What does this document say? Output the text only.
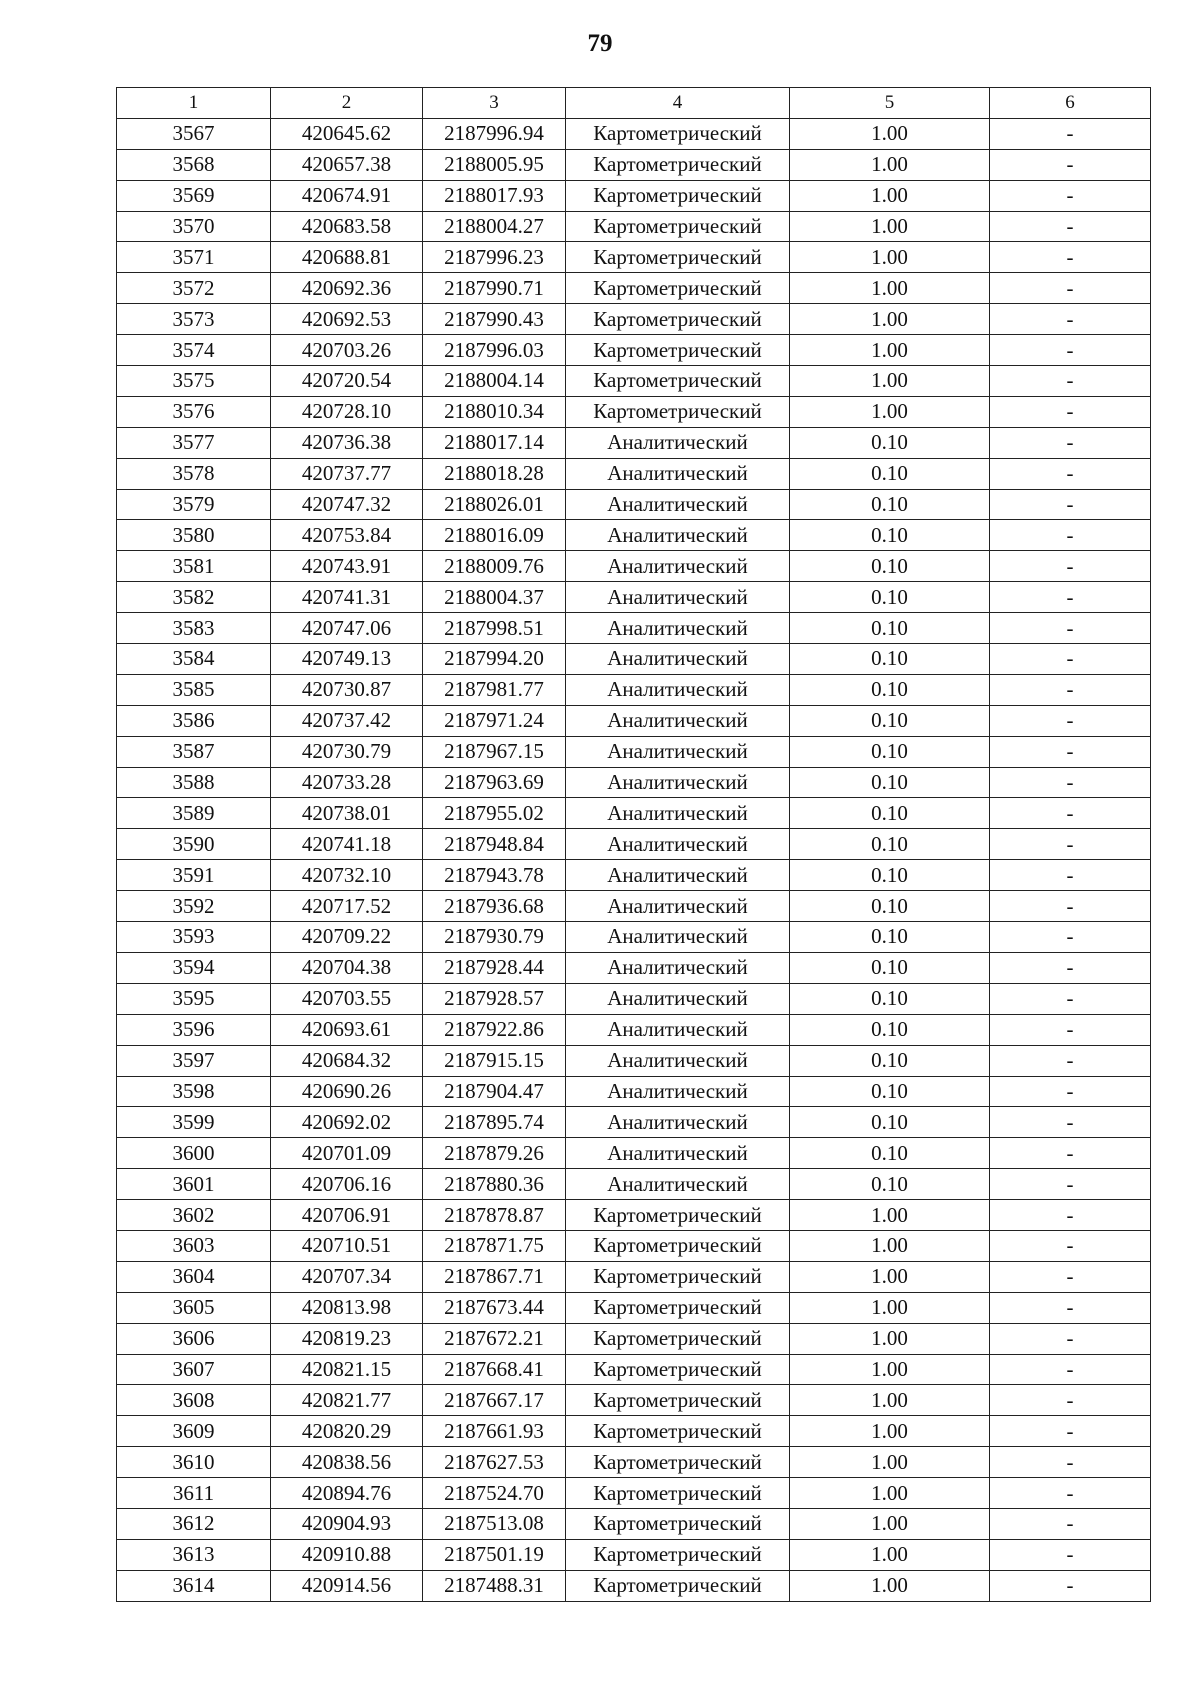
79
1	2	3	4	5	6
3567	420645.62	2187996.94	Картометрический	1.00	-
3568	420657.38	2188005.95	Картометрический	1.00	-
3569	420674.91	2188017.93	Картометрический	1.00	-
3570	420683.58	2188004.27	Картометрический	1.00	-
3571	420688.81	2187996.23	Картометрический	1.00	-
3572	420692.36	2187990.71	Картометрический	1.00	-
3573	420692.53	2187990.43	Картометрический	1.00	-
3574	420703.26	2187996.03	Картометрический	1.00	-
3575	420720.54	2188004.14	Картометрический	1.00	-
3576	420728.10	2188010.34	Картометрический	1.00	-
3577	420736.38	2188017.14	Аналитический	0.10	-
3578	420737.77	2188018.28	Аналитический	0.10	-
3579	420747.32	2188026.01	Аналитический	0.10	-
3580	420753.84	2188016.09	Аналитический	0.10	-
3581	420743.91	2188009.76	Аналитический	0.10	-
3582	420741.31	2188004.37	Аналитический	0.10	-
3583	420747.06	2187998.51	Аналитический	0.10	-
3584	420749.13	2187994.20	Аналитический	0.10	-
3585	420730.87	2187981.77	Аналитический	0.10	-
3586	420737.42	2187971.24	Аналитический	0.10	-
3587	420730.79	2187967.15	Аналитический	0.10	-
3588	420733.28	2187963.69	Аналитический	0.10	-
3589	420738.01	2187955.02	Аналитический	0.10	-
3590	420741.18	2187948.84	Аналитический	0.10	-
3591	420732.10	2187943.78	Аналитический	0.10	-
3592	420717.52	2187936.68	Аналитический	0.10	-
3593	420709.22	2187930.79	Аналитический	0.10	-
3594	420704.38	2187928.44	Аналитический	0.10	-
3595	420703.55	2187928.57	Аналитический	0.10	-
3596	420693.61	2187922.86	Аналитический	0.10	-
3597	420684.32	2187915.15	Аналитический	0.10	-
3598	420690.26	2187904.47	Аналитический	0.10	-
3599	420692.02	2187895.74	Аналитический	0.10	-
3600	420701.09	2187879.26	Аналитический	0.10	-
3601	420706.16	2187880.36	Аналитический	0.10	-
3602	420706.91	2187878.87	Картометрический	1.00	-
3603	420710.51	2187871.75	Картометрический	1.00	-
3604	420707.34	2187867.71	Картометрический	1.00	-
3605	420813.98	2187673.44	Картометрический	1.00	-
3606	420819.23	2187672.21	Картометрический	1.00	-
3607	420821.15	2187668.41	Картометрический	1.00	-
3608	420821.77	2187667.17	Картометрический	1.00	-
3609	420820.29	2187661.93	Картометрический	1.00	-
3610	420838.56	2187627.53	Картометрический	1.00	-
3611	420894.76	2187524.70	Картометрический	1.00	-
3612	420904.93	2187513.08	Картометрический	1.00	-
3613	420910.88	2187501.19	Картометрический	1.00	-
3614	420914.56	2187488.31	Картометрический	1.00	-
